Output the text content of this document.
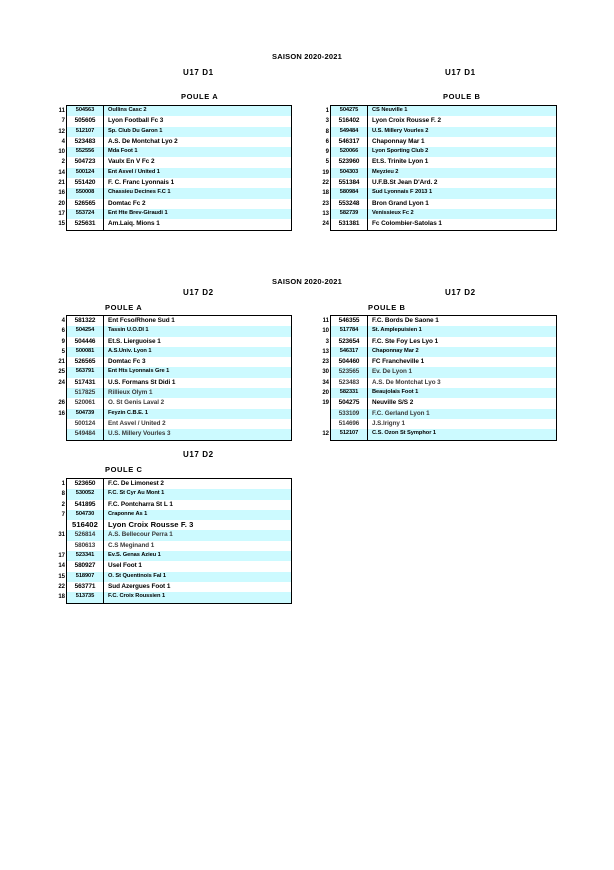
SAISON 2020-2021
U17 D1	U17 D1
POULE A	POULE B
11	504563	Oullins Casc 2
7	505605	Lyon Football Fc 3
12	512107	Sp. Club Du Garon 1
4	523483	A.S. De Montchat Lyo 2
10	552556	Mda Foot 1
2	504723	Vaulx En V Fc 2
14	500124	Ent Asvel / United 1
21	551420	F. C. Franc Lyonnais 1
16	550008	Chassieu Decines F.C 1
20	526565	Domtac Fc 2
17	553724	Ent Hte Brev-Giraudi 1
15	525631	Am.Laiq. Mions 1
1	504275	CS Neuville 1
3	516402	Lyon Croix Rousse F. 2
8	549484	U.S. Millery Vourles 2
6	546317	Chaponnay Mar 1
9	520066	Lyon Sporting Club 2
5	523960	Et.S. Trinite Lyon 1
19	504303	Meyzieu 2
22	551384	U.F.B.St Jean D'Ard. 2
18	580984	Sud Lyonnais F 2013 1
23	553248	Bron Grand Lyon 1
13	582739	Venissieux Fc 2
24	531381	Fc Colombier-Satolas 1
SAISON 2020-2021
U17 D2	U17 D2
POULE A	POULE B
4	581322	Ent Fcso/Rhone Sud 1
6	504254	Tassin U.O.DI 1
9	504446	Et.S. Lierguoise 1
5	500081	A.S.Univ. Lyon 1
21	526565	Domtac Fc 3
25	563791	Ent Hts Lyonnais Gre 1
24	517431	U.S. Formans St Didi 1
517825	Rillieux Olym 1
26	520061	O. St Genis Laval 2
16	504739	Feyzin C.B.E. 1
500124	Ent Asvel / United 2
549484	U.S. Millery Vourles 3
11	546355	F.C. Bords De Saone 1
10	517784	St. Amplepuisien 1
3	523654	F.C. Ste Foy Les Lyo 1
13	546317	Chaponnay Mar 2
23	504460	FC Francheville 1
30	523565	Ev. De Lyon 1
34	523483	A.S. De Montchat Lyo 3
20	582331	Beaujolais Foot 1
19	504275	Neuville S/S 2
533109	F.C. Gerland Lyon 1
514696	J.S.Irigny 1
12	512107	C.S. Ozon St Symphor 1
U17 D2
POULE C
1	523650	F.C. De Limonest 2
8	530052	F.C. St Cyr Au Mont 1
2	541895	F.C. Pontcharra St L 1
7	504730	Craponne As 1
516402	Lyon Croix Rousse F. 3
31	526814	A.S. Bellecour Perra 1
580613	C.S Meginand 1
17	523341	Ev.S. Genas Azieu 1
14	580927	Usel Foot 1
15	518907	O. St Quentinois Fal 1
22	563771	Sud Azergues Foot 1
18	513735	F.C. Croix Roussien 1
